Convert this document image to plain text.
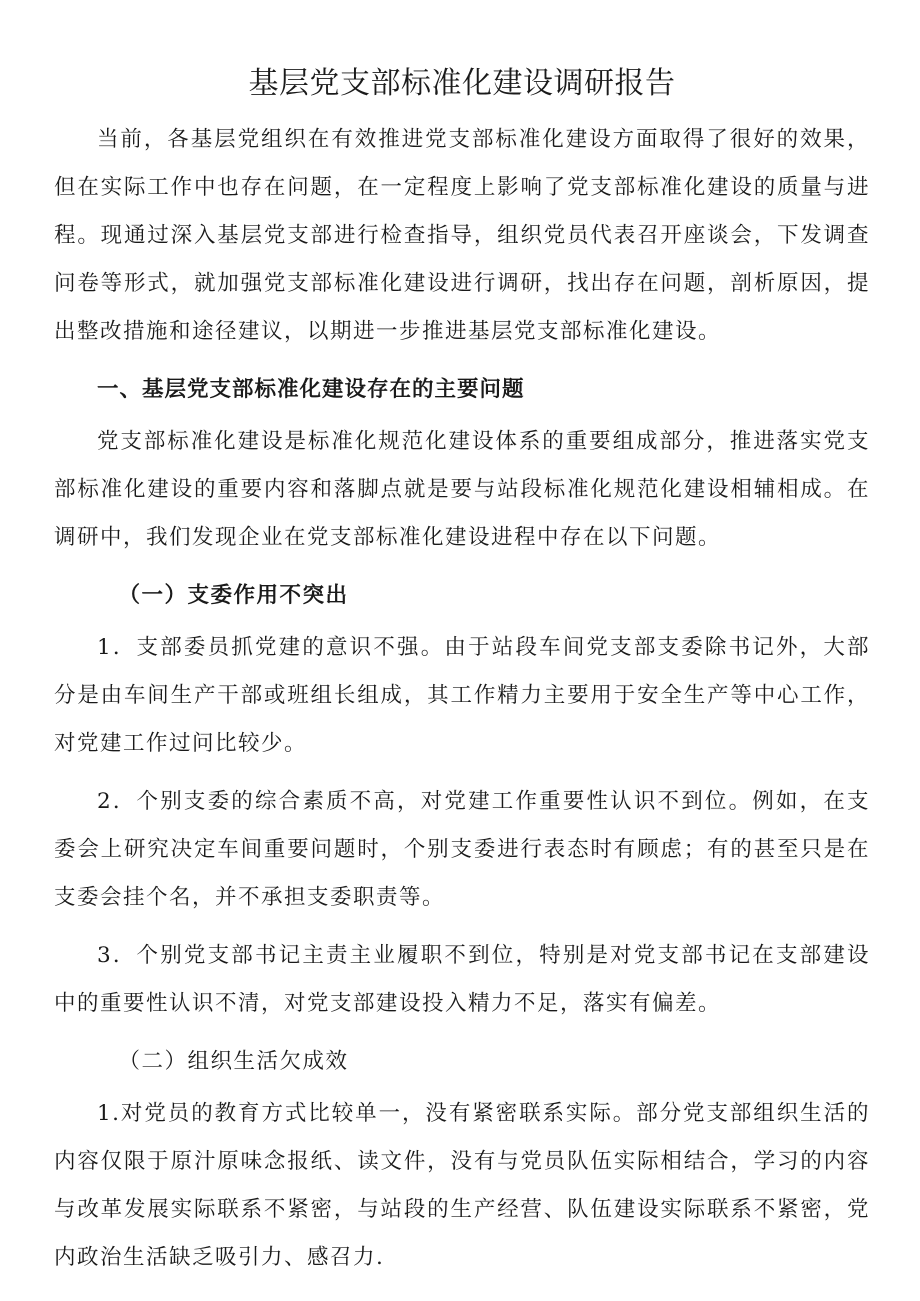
基层党支部标准化建设调研报告

当前，各基层党组织在有效推进党支部标准化建设方面取得了很好的效果，但在实际工作中也存在问题，在一定程度上影响了党支部标准化建设的质量与进程。现通过深入基层党支部进行检查指导，组织党员代表召开座谈会，下发调查问卷等形式，就加强党支部标准化建设进行调研，找出存在问题，剖析原因，提出整改措施和途径建议，以期进一步推进基层党支部标准化建设。

一、基层党支部标准化建设存在的主要问题

党支部标准化建设是标准化规范化建设体系的重要组成部分，推进落实党支部标准化建设的重要内容和落脚点就是要与站段标准化规范化建设相辅相成。在调研中，我们发现企业在党支部标准化建设进程中存在以下问题。

（一）支委作用不突出

1．支部委员抓党建的意识不强。由于站段车间党支部支委除书记外，大部分是由车间生产干部或班组长组成，其工作精力主要用于安全生产等中心工作，对党建工作过问比较少。

2．个别支委的综合素质不高，对党建工作重要性认识不到位。例如，在支委会上研究决定车间重要问题时，个别支委进行表态时有顾虑；有的甚至只是在支委会挂个名，并不承担支委职责等。

3．个别党支部书记主责主业履职不到位，特别是对党支部书记在支部建设中的重要性认识不清，对党支部建设投入精力不足，落实有偏差。

（二）组织生活欠成效

1.对党员的教育方式比较单一，没有紧密联系实际。部分党支部组织生活的内容仅限于原汁原味念报纸、读文件，没有与党员队伍实际相结合，学习的内容与改革发展实际联系不紧密，与站段的生产经营、队伍建设实际联系不紧密，党内政治生活缺乏吸引力、感召力.
